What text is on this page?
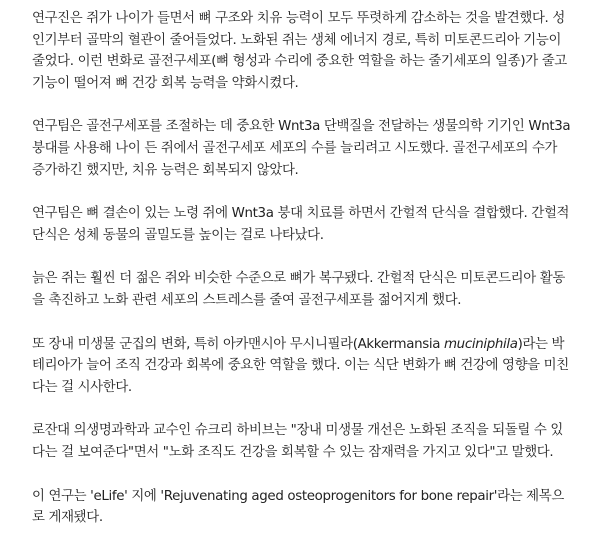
연구진은 쥐가 나이가 들면서 뼈 구조와 치유 능력이 모두 뚜렷하게 감소하는 것을 발견했다. 성인기부터 골막의 혈관이 줄어들었다. 노화된 쥐는 생체 에너지 경로, 특히 미토콘드리아 기능이 줄었다. 이런 변화로 골전구세포(뼈 형성과 수리에 중요한 역할을 하는 줄기세포의 일종)가 줄고 기능이 떨어져 뼈 건강 회복 능력을 약화시켰다.

연구팀은 골전구세포를 조절하는 데 중요한 Wnt3a 단백질을 전달하는 생물의학 기기인 Wnt3a 붕대를 사용해 나이 든 쥐에서 골전구세포 세포의 수를 늘리려고 시도했다. 골전구세포의 수가 증가하긴 했지만, 치유 능력은 회복되지 않았다.

연구팀은 뼈 결손이 있는 노령 쥐에 Wnt3a 붕대 치료를 하면서 간헐적 단식을 결합했다. 간헐적 단식은 성체 동물의 골밀도를 높이는 걸로 나타났다.

늙은 쥐는 훨씬 더 젊은 쥐와 비슷한 수준으로 뼈가 복구됐다. 간헐적 단식은 미토콘드리아 활동을 촉진하고 노화 관련 세포의 스트레스를 줄여 골전구세포를 젊어지게 했다.

또 장내 미생물 군집의 변화, 특히 아카맨시아 무시니필라(Akkermansia muciniphila)라는 박테리아가 늘어 조직 건강과 회복에 중요한 역할을 했다. 이는 식단 변화가 뼈 건강에 영향을 미친다는 걸 시사한다.

로잔대 의생명과학과 교수인 슈크리 하비브는 "장내 미생물 개선은 노화된 조직을 되돌릴 수 있다는 걸 보여준다"면서 "노화 조직도 건강을 회복할 수 있는 잠재력을 가지고 있다"고 말했다.

이 연구는 'eLife' 지에 'Rejuvenating aged osteoprogenitors for bone repair'라는 제목으로 게재됐다.
